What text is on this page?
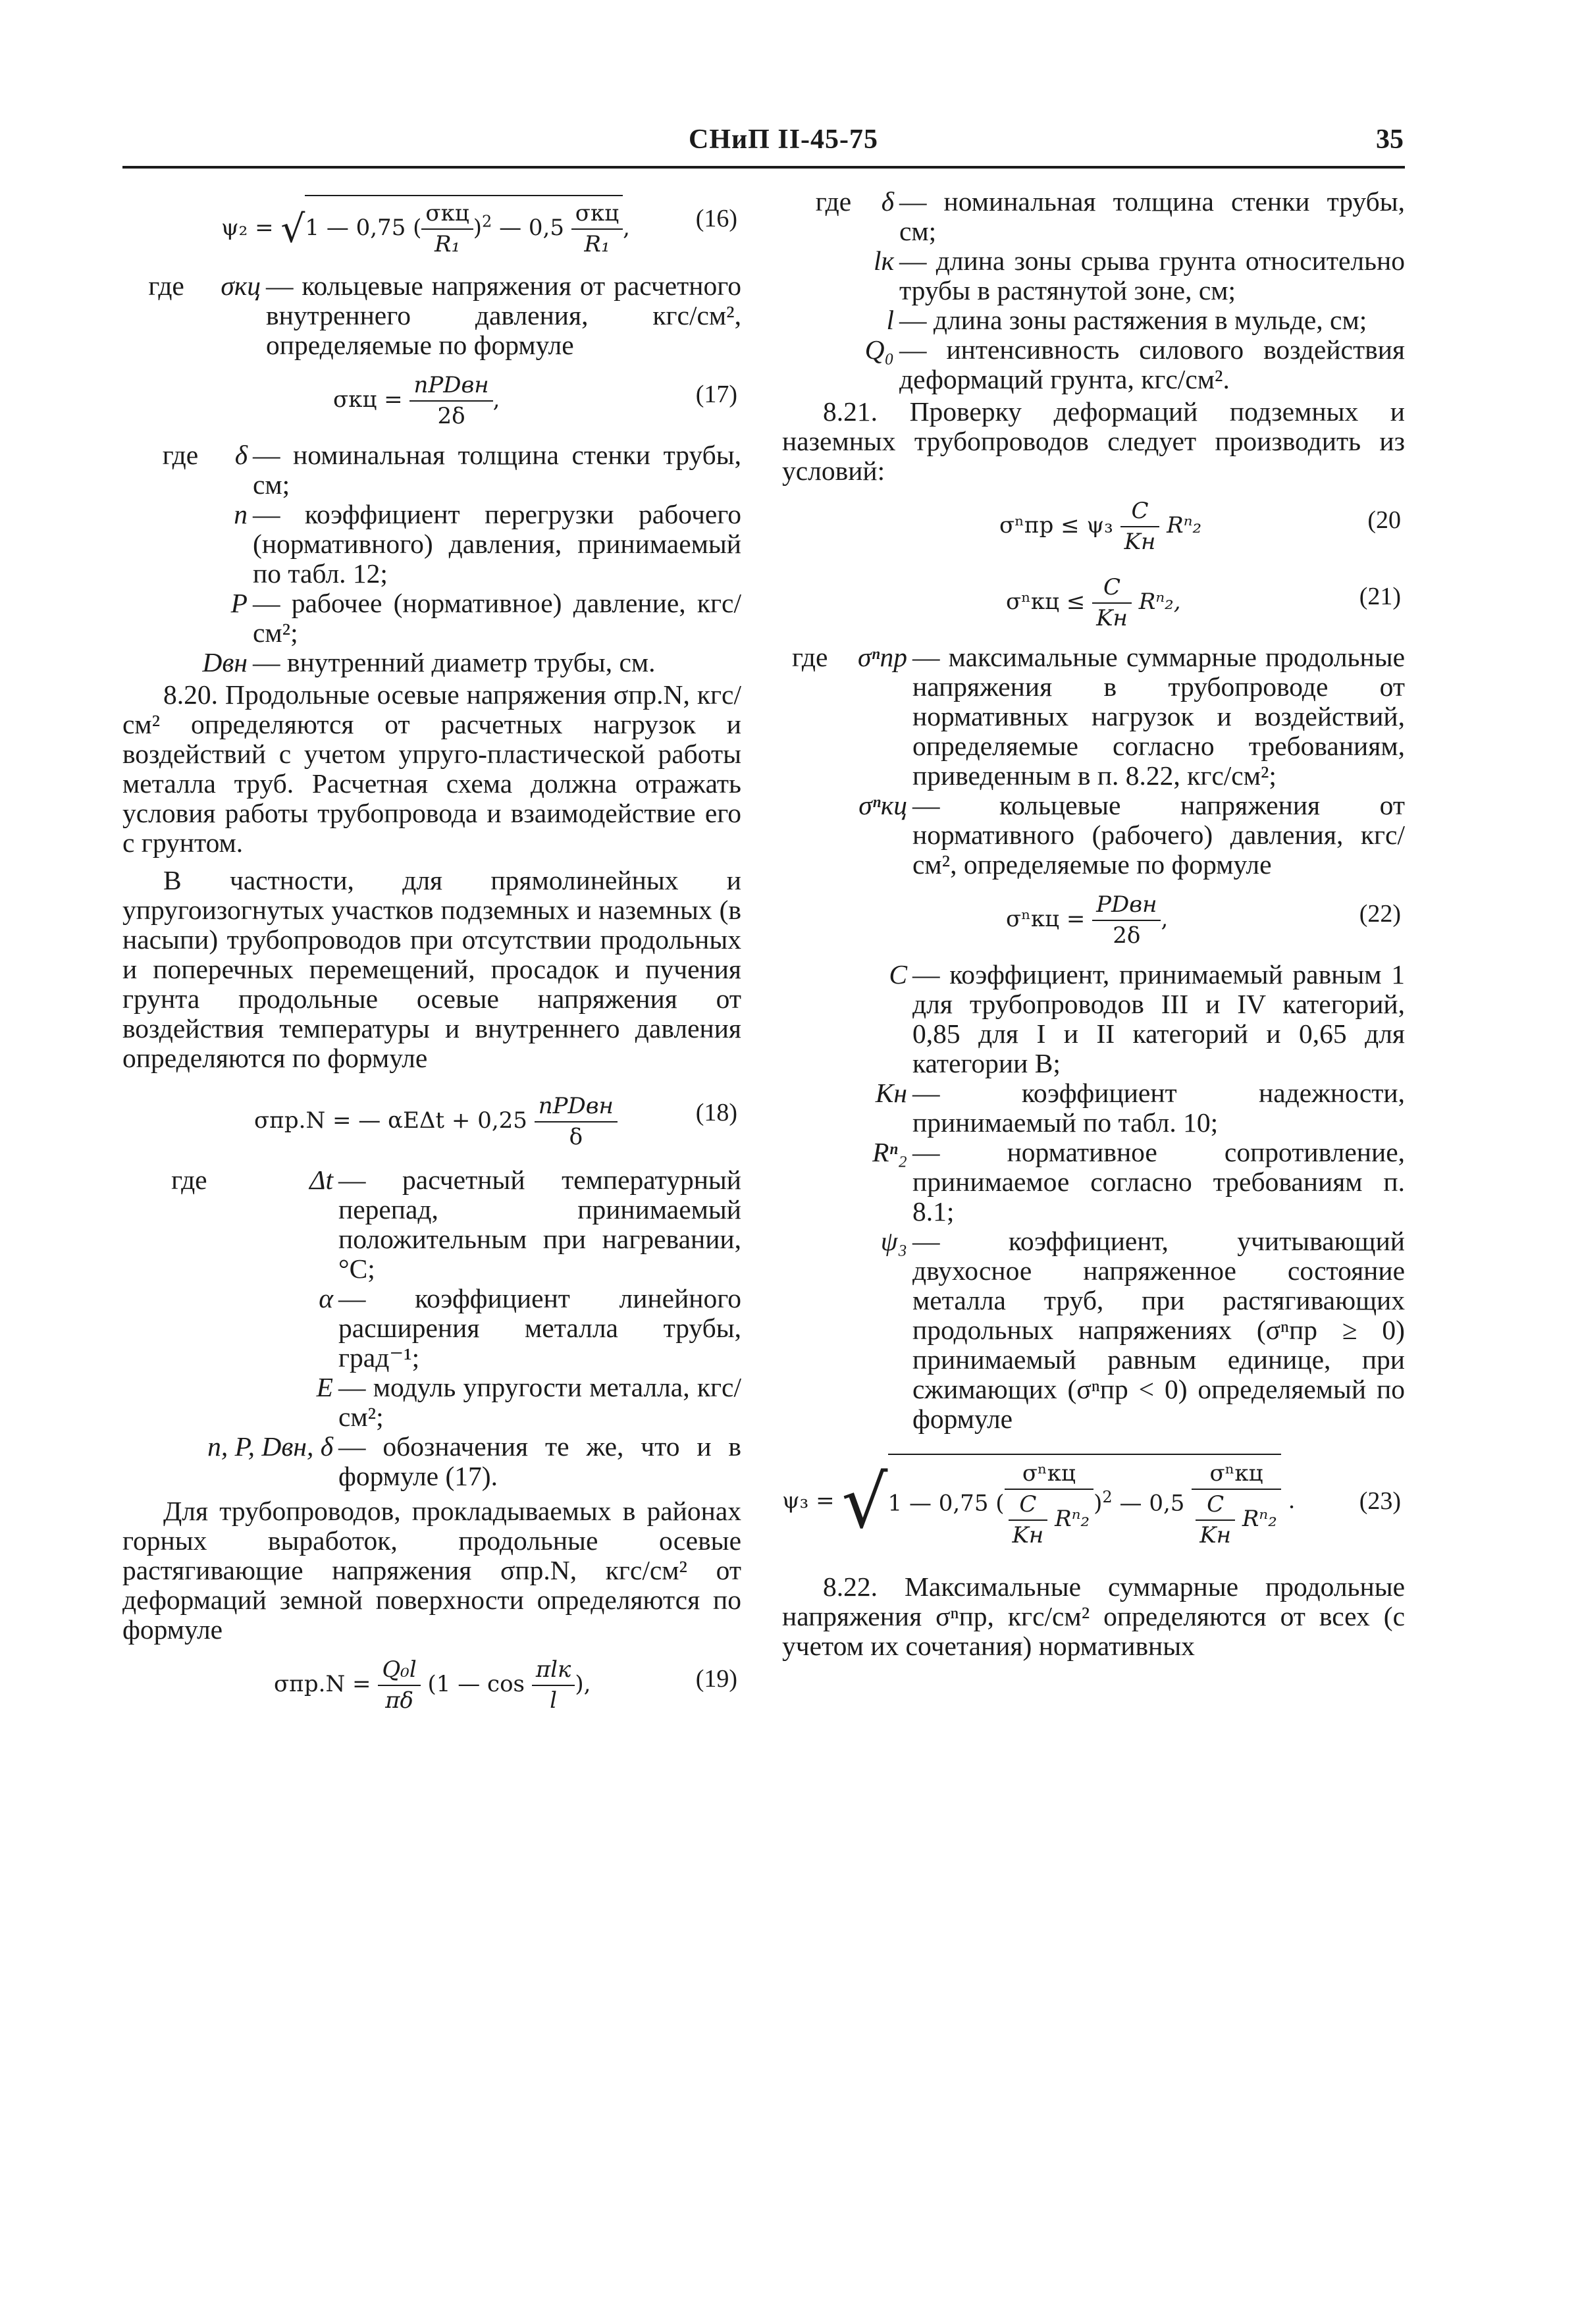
СНиП II-45-75	35
ψ₂ = √1 — 0,75 ( $\frac{\text{σкц}}{\text{R₁}} )^2$ — $0,5 \frac{\text{σкц}}{\text{R₁}}$ ,	(16)
где σкц — кольцевые напряжения от расчетного внутреннего давления, кгс/см², определяемые по формуле
$\sigma кц = \frac{\text{nPDвн}}{2\delta}$ ,	(17)
где δ — номинальная толщина стенки трубы, см;
n — коэффициент перегрузки рабочего (нормативного) давления, принимаемый по табл. 12;
P — рабочее (нормативное) давление, кгс/см²;
Dвн — внутренний диаметр трубы, см.

8.20. Продольные осевые напряжения σпр.N, кгс/см² определяются от расчетных нагрузок и воздействий с учетом упруго-пластической работы металла труб. Расчетная схема должна отражать условия работы трубопровода и взаимодействие его с грунтом.

В частности, для прямолинейных и упругоизогнутых участков подземных и наземных (в насыпи) трубопроводов при отсутствии продольных и поперечных перемещений, просадок и пучения грунта продольные осевые напряжения от воздействия температуры и внутреннего давления определяются по формуле

σпр.N = — $\alpha E\Delta t + 0,25 \frac{\text{nPDвн}}{\delta}$	(18)
где	Δt — расчетный температурный перепад, принимаемый положительным при нагревании, °C;
α — коэффициент линейного расширения металла трубы, град⁻¹;
E — модуль упругости металла, кгс/см²;
n, P, Dвн, δ — обозначения те же, что и в формуле (17).

Для трубопроводов, прокладываемых в районах горных выработок, продольные осевые растягивающие напряжения σпр.N, кгс/см² от деформаций земной поверхности определяются по формуле

$\sigma пр.N = \frac{\text{Q₀l}}{\pi\delta} (1$ — $\cos \frac{\text{πlк}}{l}$ ),	(19)
где δ — номинальная толщина стенки трубы, см;
lк — длина зоны срыва грунта относительно трубы в растянутой зоне, см;
l — длина зоны растяжения в мульде, см;
Q₀ — интенсивность силового воздействия деформаций грунта, кгс/см².

8.21. Проверку деформаций подземных и наземных трубопроводов следует производить из условий:

$\sigma^nпр \le \psi_3 \frac{C}{Kн} R^n_2$	(20
$\sigma^nкц \le \frac{C}{Kн} R^n_2$,	(21)
где σⁿпр — максимальные суммарные продольные напряжения в трубопроводе от нормативных нагрузок и воздействий, определяемые согласно требованиям, приведенным в п. 8.22, кгс/см²;
σⁿкц — кольцевые напряжения от нормативного (рабочего) давления, кгс/см², определяемые по формуле
$\sigma^nкц = \frac{\text{PDвн}}{2\delta}$ ,	(22)
C — коэффициент, принимаемый равным 1 для трубопроводов III и IV категорий, 0,85 для I и II категорий и 0,65 для категории В;
Kн — коэффициент надежности, принимаемый по табл. 10;
Rⁿ₂ — нормативное сопротивление, принимаемое согласно требованиям п. 8.1;
ψ₃ — коэффициент, учитывающий двухосное напряженное состояние металла труб, при растягивающих продольных напряжениях (σⁿпр ≥ 0) принимаемый равным единице, при сжимающих (σⁿпр < 0) определяемый по формуле
ψ₃ = √1 — 0,75 ( $\frac{\text{σⁿкц}}{\frac{C}{Kн} R^n_2} )^2$ — $0,5 \frac{\text{σⁿкц}}{\frac{C}{Kн} R^n_2}$ .	(23)

8.22. Максимальные суммарные продольные напряжения σⁿпр, кгс/см² определяются от всех (с учетом их сочетания) нормативных
